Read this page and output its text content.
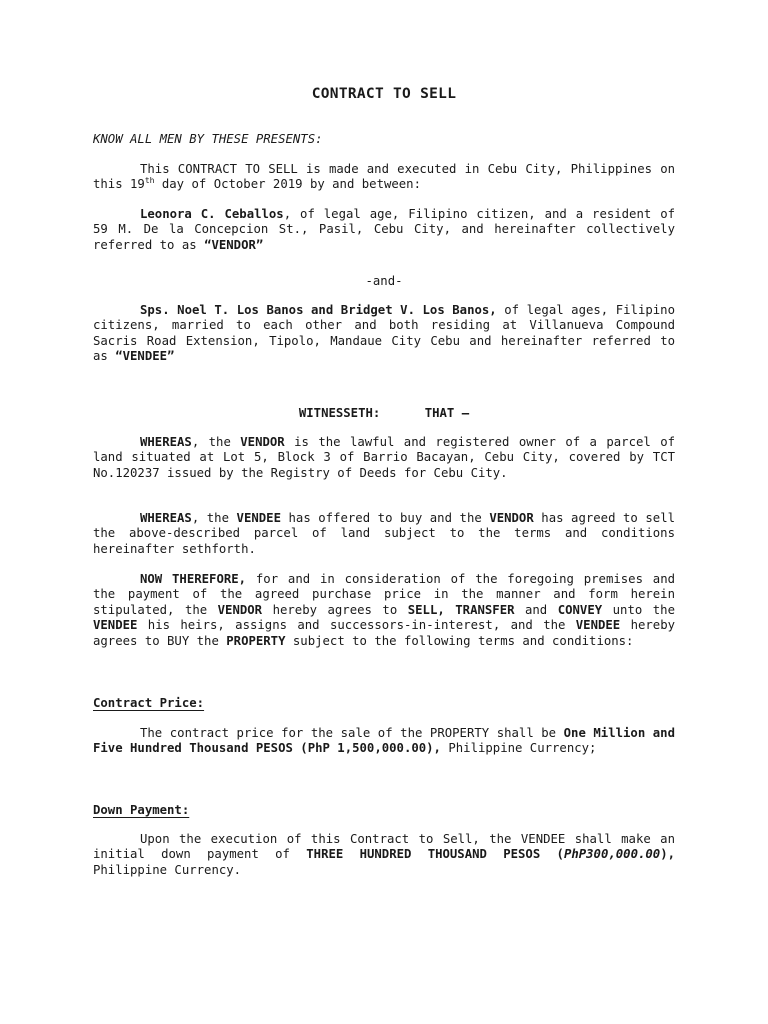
CONTRACT TO SELL
KNOW ALL MEN BY THESE PRESENTS:

This CONTRACT TO SELL is made and executed in Cebu City, Philippines on this 19th day of October 2019 by and between:

Leonora C. Ceballos, of legal age, Filipino citizen, and a resident of 59 M. De la Concepcion St., Pasil, Cebu City, and hereinafter collectively referred to as “VENDOR”

-and-

Sps. Noel T. Los Banos and Bridget V. Los Banos, of legal ages, Filipino citizens, married to each other and both residing at Villanueva Compound Sacris Road Extension, Tipolo, Mandaue City Cebu and hereinafter referred to as “VENDEE”

WITNESSETH:	THAT –

WHEREAS, the VENDOR is the lawful and registered owner of a parcel of land situated at Lot 5, Block 3 of Barrio Bacayan, Cebu City, covered by TCT No.120237 issued by the Registry of Deeds for Cebu City.

WHEREAS, the VENDEE has offered to buy and the VENDOR has agreed to sell the above-described parcel of land subject to the terms and conditions hereinafter sethforth.

NOW THEREFORE, for and in consideration of the foregoing premises and the payment of the agreed purchase price in the manner and form herein stipulated, the VENDOR hereby agrees to SELL, TRANSFER and CONVEY unto the VENDEE his heirs, assigns and successors-in-interest, and the VENDEE hereby agrees to BUY the PROPERTY subject to the following terms and conditions:

Contract Price:

The contract price for the sale of the PROPERTY shall be One Million and Five Hundred Thousand PESOS (PhP 1,500,000.00), Philippine Currency;

Down Payment:

Upon the execution of this Contract to Sell, the VENDEE shall make an initial down payment of THREE HUNDRED THOUSAND PESOS (PhP300,000.00), Philippine Currency.
